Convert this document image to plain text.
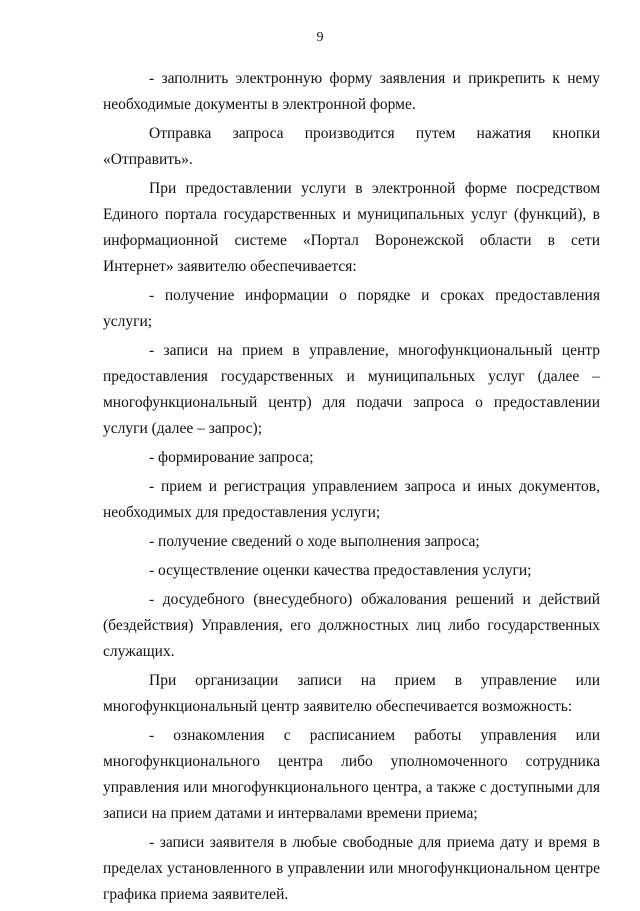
9

- заполнить электронную форму заявления и прикрепить к нему необходимые документы в электронной форме.

Отправка запроса производится путем нажатия кнопки «Отправить».

При предоставлении услуги в электронной форме посредством Единого портала государственных и муниципальных услуг (функций), в информационной системе «Портал Воронежской области в сети Интернет» заявителю обеспечивается:

- получение информации о порядке и сроках предоставления услуги;

- записи на прием в управление, многофункциональный центр предоставления государственных и муниципальных услуг (далее – многофункциональный центр) для подачи запроса о предоставлении услуги (далее – запрос);

- формирование запроса;

- прием и регистрация управлением запроса и иных документов, необходимых для предоставления услуги;

- получение сведений о ходе выполнения запроса;

- осуществление оценки качества предоставления услуги;

- досудебного (внесудебного) обжалования решений и действий (бездействия) Управления, его должностных лиц либо государственных служащих.

При организации записи на прием в управление или многофункциональный центр заявителю обеспечивается возможность:

- ознакомления с расписанием работы управления или многофункционального центра либо уполномоченного сотрудника управления или многофункционального центра, а также с доступными для записи на прием датами и интервалами времени приема;

- записи заявителя в любые свободные для приема дату и время в пределах установленного в управлении или многофункциональном центре графика приема заявителей.
